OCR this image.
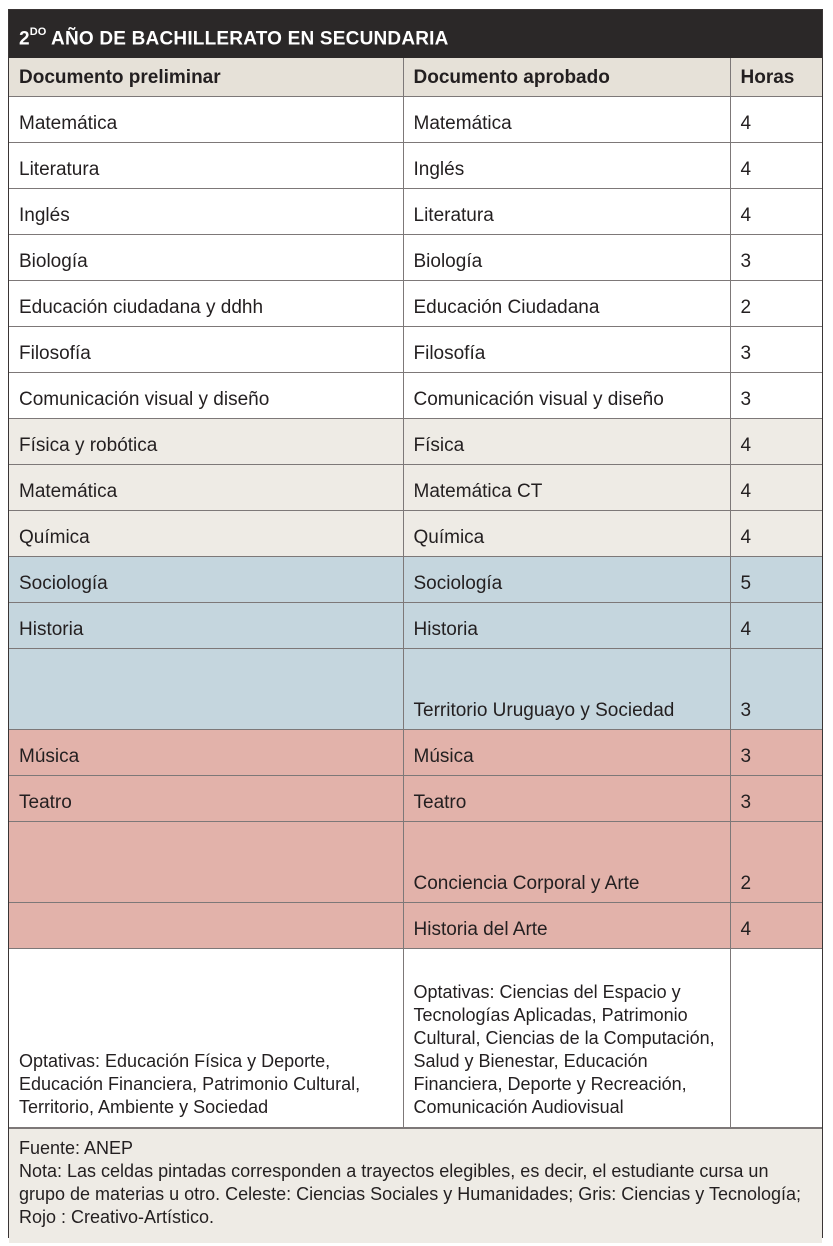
$2^{DO}$ AÑO DE BACHILLERATO EN SECUNDARIA
Documento preliminar	Documento aprobado	Horas
Matemática	Matemática	4
Literatura	Inglés	4
Inglés	Literatura	4
Biología	Biología	3
Educación ciudadana y ddhh	Educación Ciudadana	2
Filosofía	Filosofía	3
Comunicación visual y diseño	Comunicación visual y diseño	3
Física y robótica	Física	4
Matemática	Matemática CT	4
Química	Química	4
Sociología	Sociología	5
Historia	Historia	4
	Territorio Uruguayo y Sociedad	3
Música	Música	3
Teatro	Teatro	3
	Conciencia Corporal y Arte	2
	Historia del Arte	4
Optativas: Educación Física y Deporte, Educación Financiera, Patrimonio Cultural, Territorio, Ambiente y Sociedad	Optativas: Ciencias del Espacio y Tecnologías Aplicadas, Patrimonio Cultural, Ciencias de la Computación, Salud y Bienestar, Educación Financiera, Deporte y Recreación, Comunicación Audiovisual	
Fuente: ANEP
Nota: Las celdas pintadas corresponden a trayectos elegibles, es decir, el estudiante cursa un grupo de materias u otro. Celeste: Ciencias Sociales y Humanidades; Gris: Ciencias y Tecnología; Rojo : Creativo-Artístico.
